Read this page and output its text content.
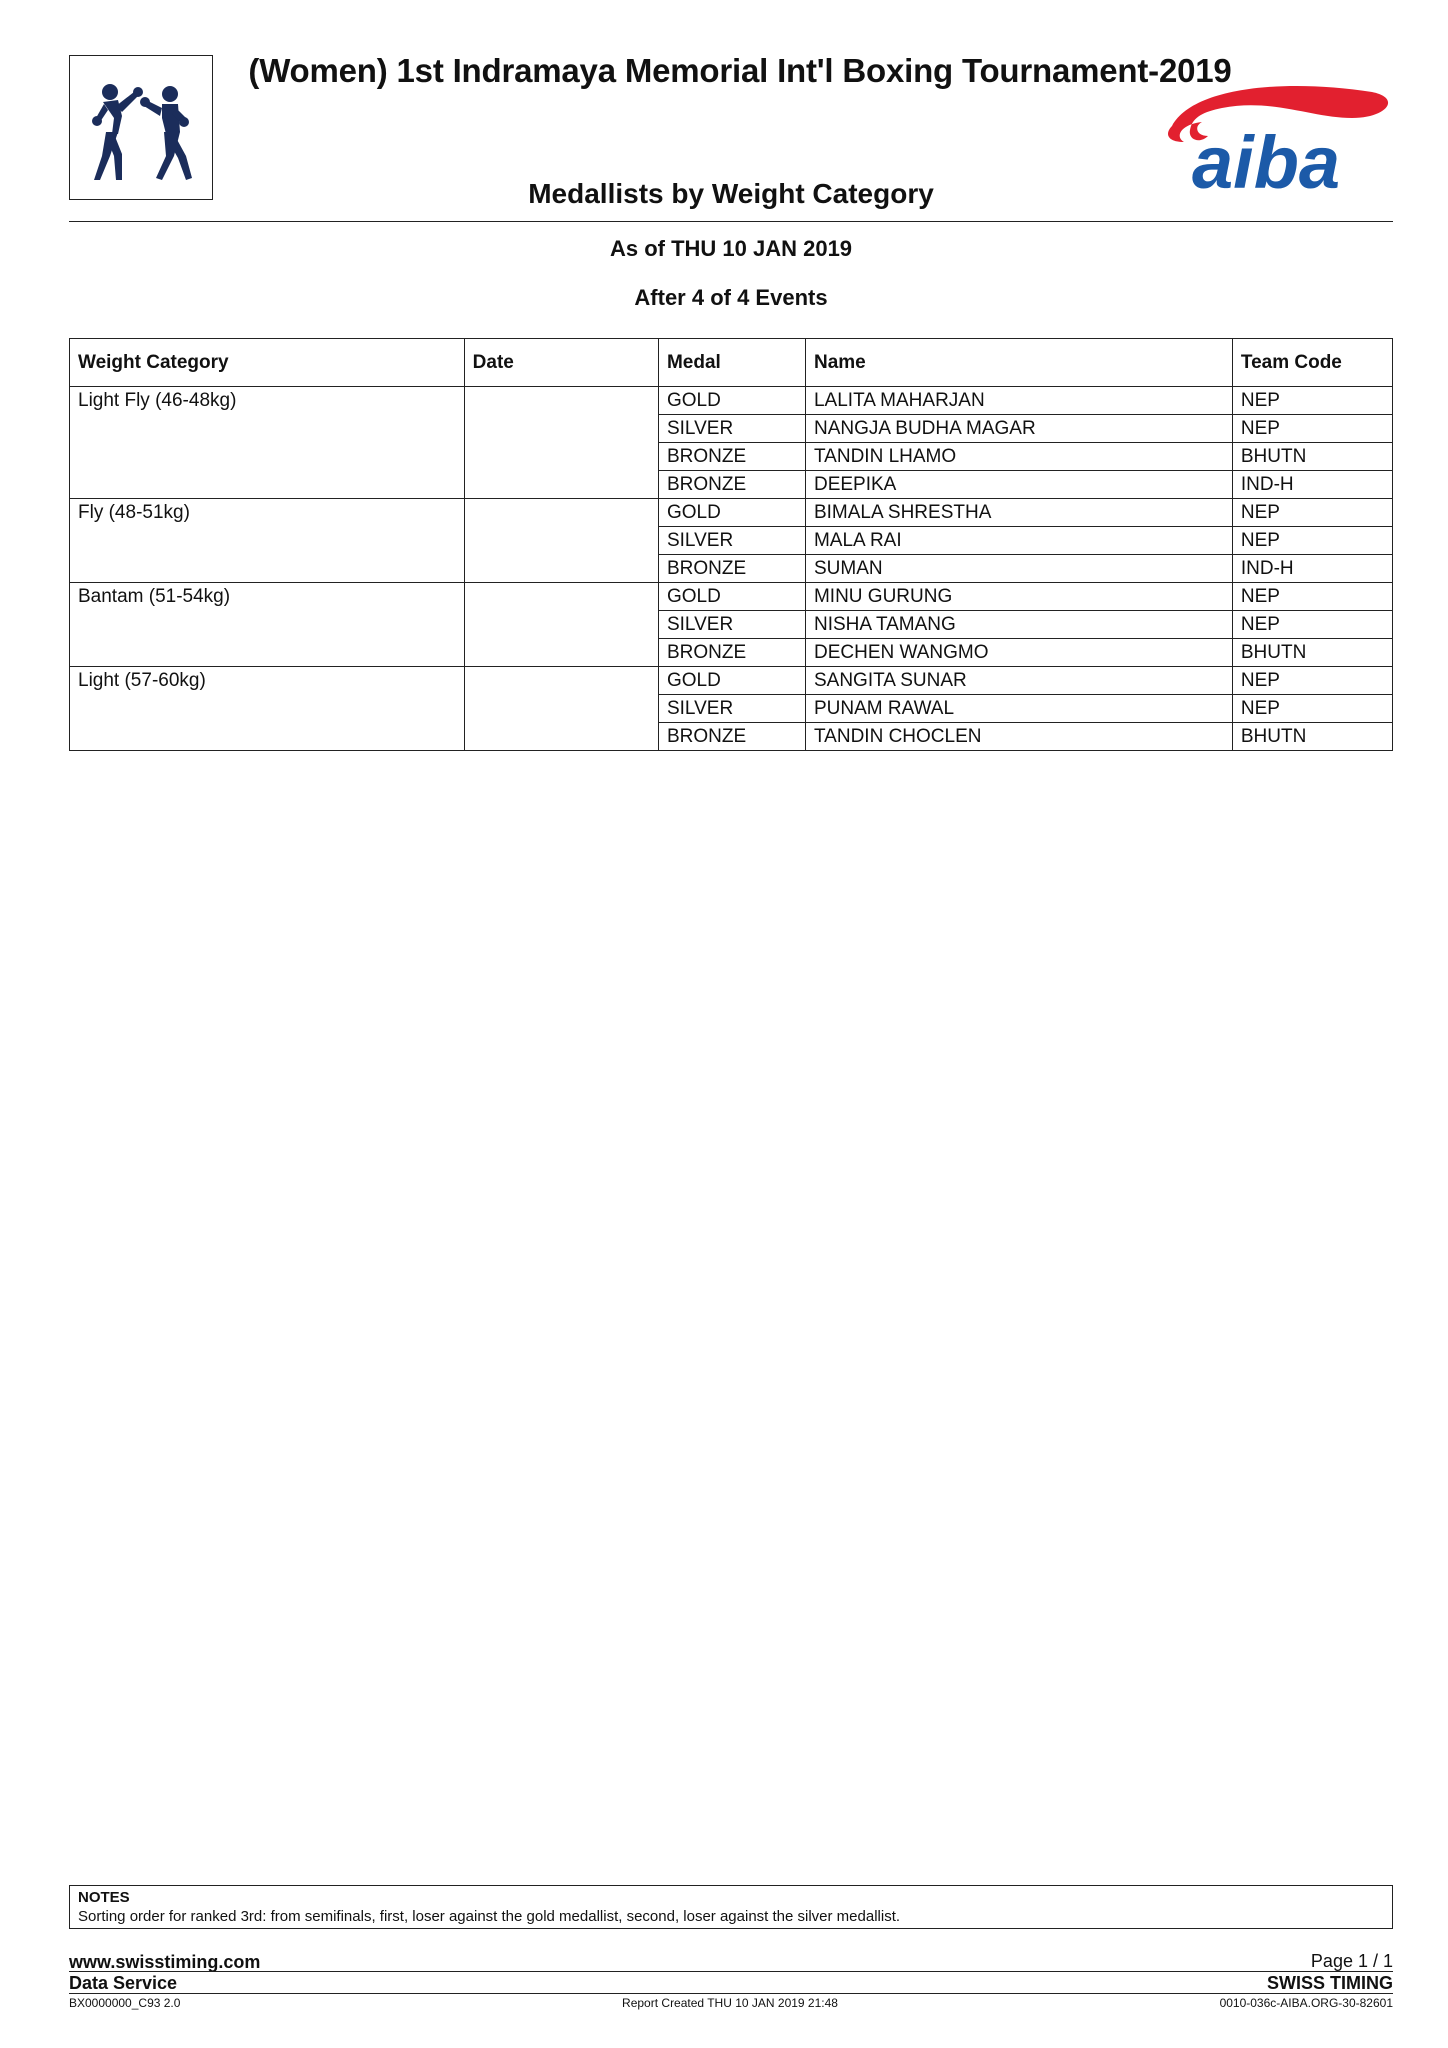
(Women) 1st Indramaya Memorial Int'l Boxing Tournament-2019
aiba
Medallists by Weight Category
As of THU 10 JAN 2019
After 4 of 4 Events
Weight Category	Date	Medal	Name	Team Code
Light Fly (46-48kg)		GOLD	LALITA MAHARJAN	NEP
		SILVER	NANGJA BUDHA MAGAR	NEP
		BRONZE	TANDIN LHAMO	BHUTN
		BRONZE	DEEPIKA	IND-H
Fly (48-51kg)		GOLD	BIMALA SHRESTHA	NEP
		SILVER	MALA RAI	NEP
		BRONZE	SUMAN	IND-H
Bantam (51-54kg)		GOLD	MINU GURUNG	NEP
		SILVER	NISHA TAMANG	NEP
		BRONZE	DECHEN WANGMO	BHUTN
Light (57-60kg)		GOLD	SANGITA SUNAR	NEP
		SILVER	PUNAM RAWAL	NEP
		BRONZE	TANDIN CHOCLEN	BHUTN
NOTES
Sorting order for ranked 3rd: from semifinals, first, loser against the gold medallist, second, loser against the silver medallist.
www.swisstiming.com	Page 1 / 1
Data Service	SWISS TIMING
BX0000000_C93 2.0	Report Created THU 10 JAN 2019 21:48	0010-036c-AIBA.ORG-30-82601
